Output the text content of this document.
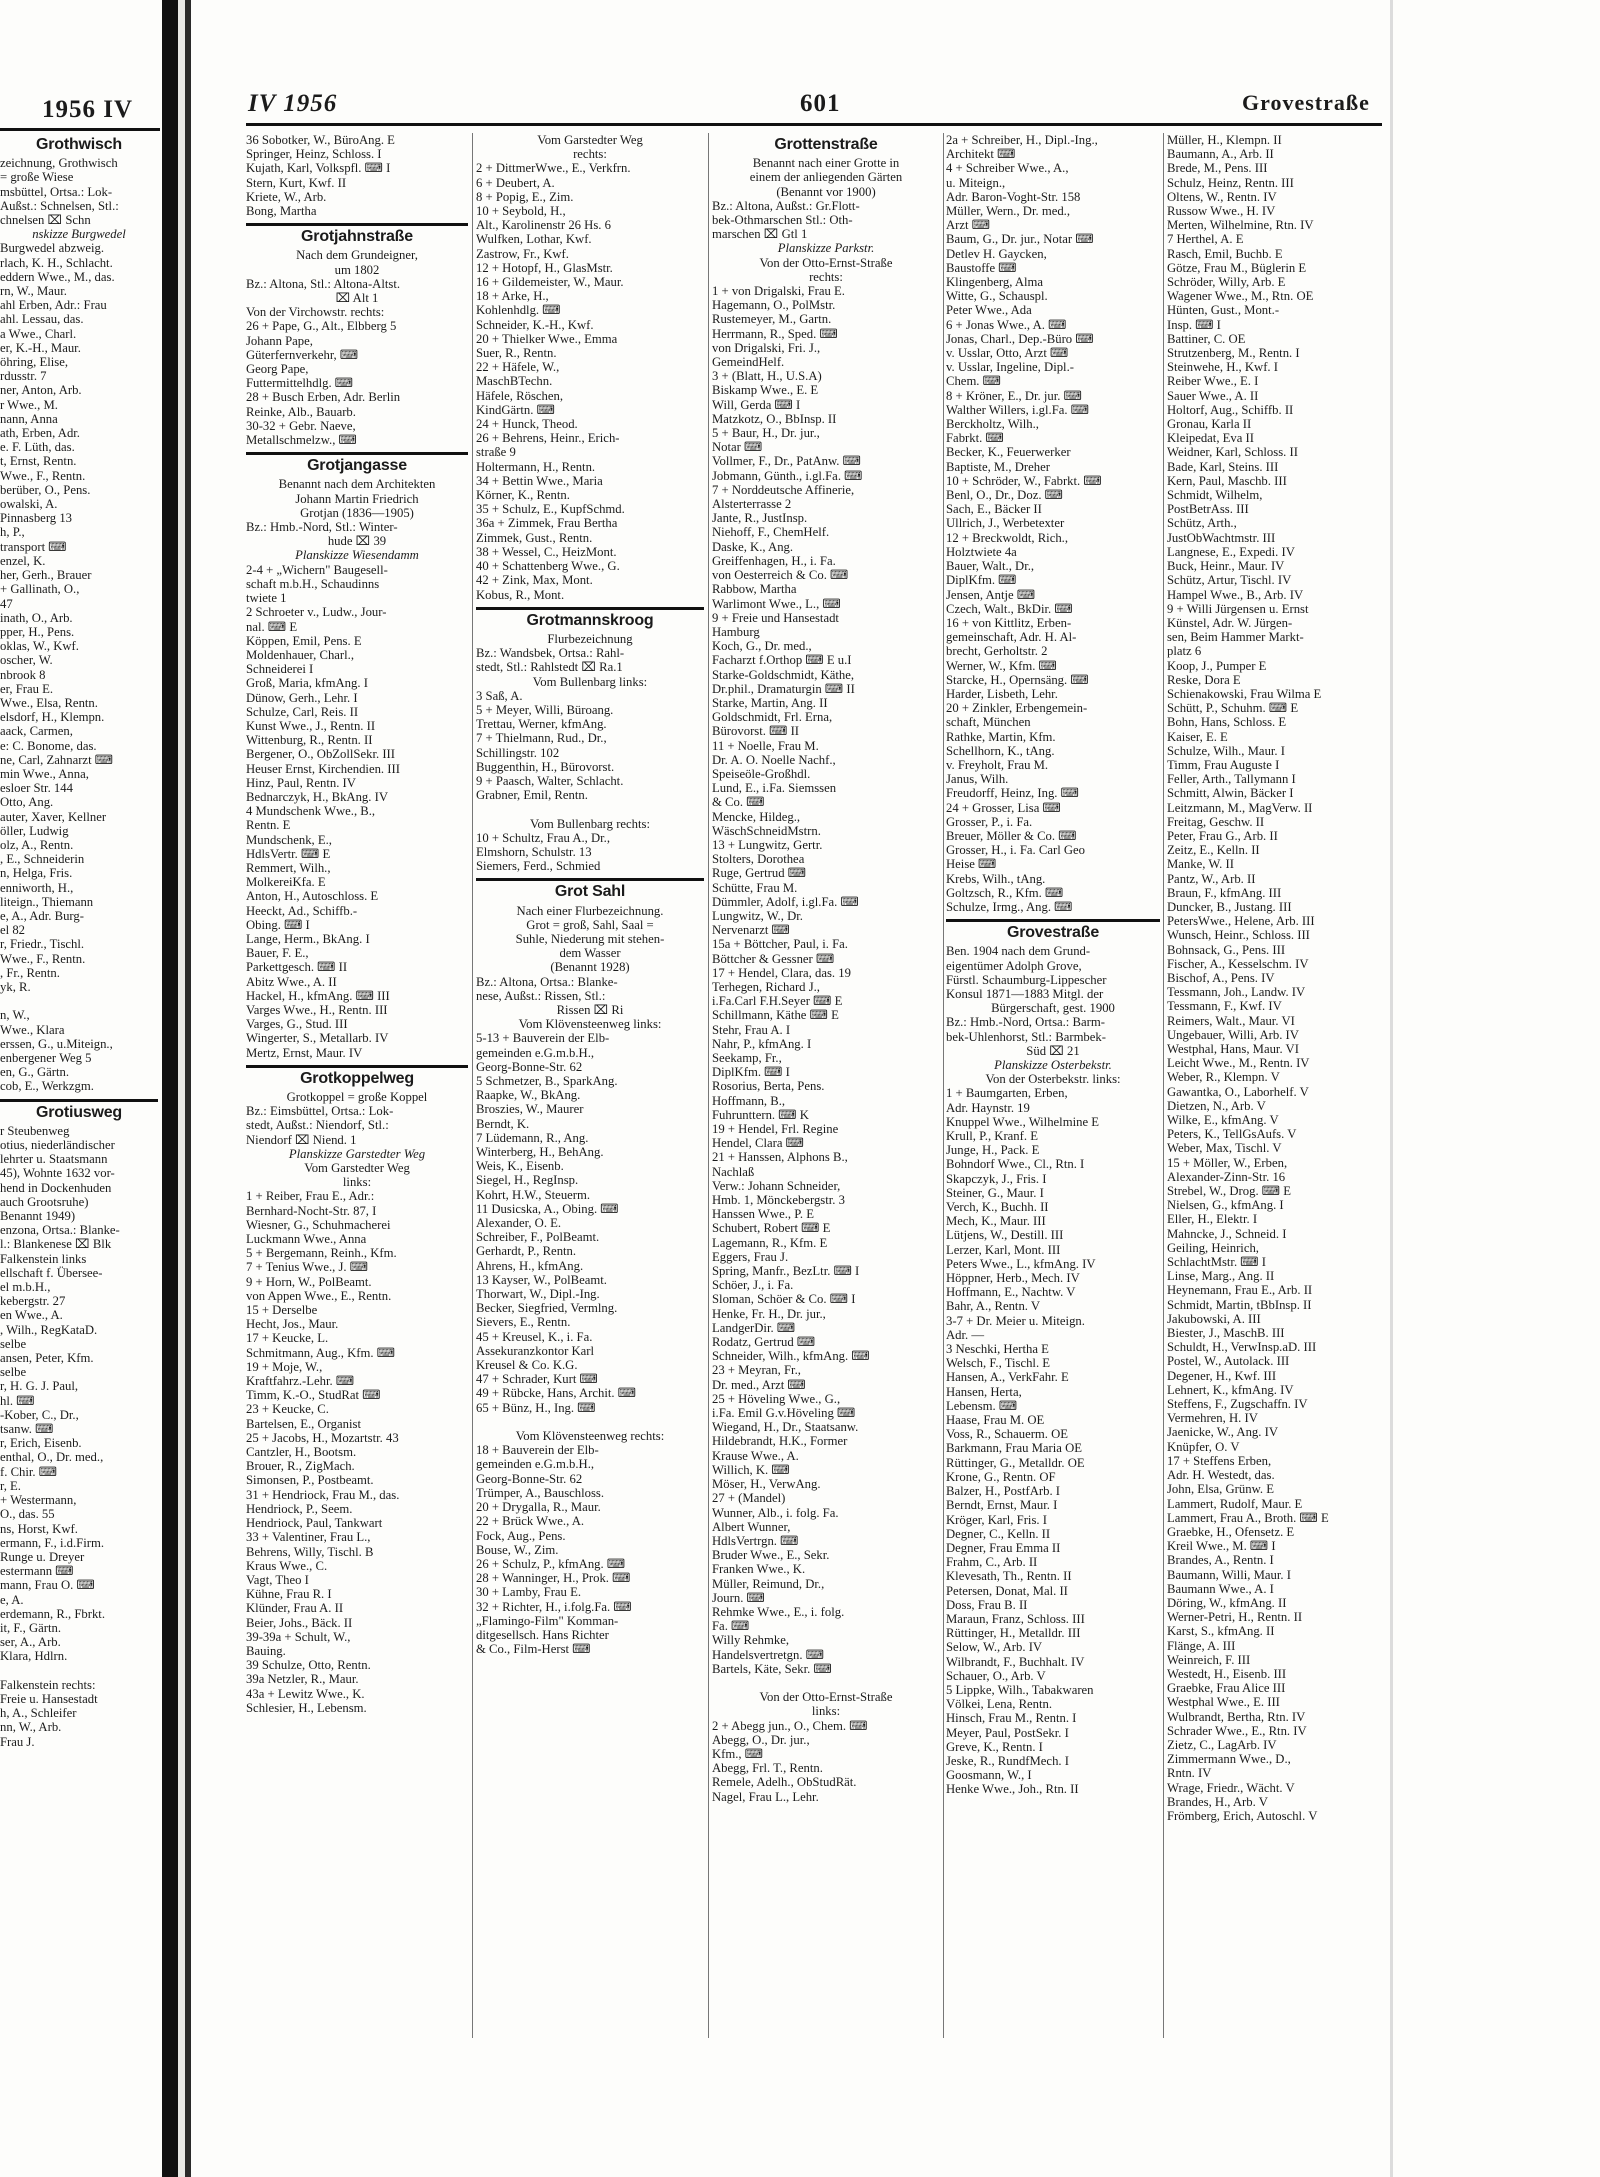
1956 IV	IV 1956	601	Grovestraße
Grothwisch
zeichnung, Grothwisch
= große Wiese
msbüttel, Ortsa.: Lok-
Außst.: Schnelsen, Stl.:
chnelsen ⌧ Schn
nskizze Burgwedel
Burgwedel abzweig.
rlach, K. H., Schlacht.
eddern Wwe., M., das.
rn, W., Maur.
ahl Erben, Adr.: Frau
ahl. Lessau, das.
a Wwe., Charl.
er, K.-H., Maur.
öhring, Elise,
rdusstr. 7
ner, Anton, Arb.
r Wwe., M.
nann, Anna
ath, Erben, Adr.
e. F. Lüth, das.
t, Ernst, Rentn.
Wwe., F., Rentn.
berüber, O., Pens.
owalski, A.
Pinnasberg 13
h, P.,
transport ⌨
enzel, K.
her, Gerh., Brauer
+ Gallinath, O.,
47
inath, O., Arb.
pper, H., Pens.
oklas, W., Kwf.
oscher, W.
nbrook 8
er, Frau E.
Wwe., Elsa, Rentn.
elsdorf, H., Klempn.
aack, Carmen,
e: C. Bonome, das.
ne, Carl, Zahnarzt ⌨
min Wwe., Anna,
esloer Str. 144
Otto, Ang.
auter, Xaver, Kellner
öller, Ludwig
olz, A., Rentn.
, E., Schneiderin
n, Helga, Fris.
enniworth, H.,
liteign., Thiemann
e, A., Adr. Burg-
el 82
r, Friedr., Tischl.
Wwe., F., Rentn.
, Fr., Rentn.
yk, R.

n, W.,
Wwe., Klara
erssen, G., u.Miteign.,
enbergener Weg 5
en, G., Gärtn.
cob, E., Werkzgm.
Grotiusweg
r Steubenweg
otius, niederländischer
lehrter u. Staatsmann
45), Wohnte 1632 vor-
hend in Dockenhuden
auch Grootsruhe)
Benannt 1949)
enzona, Ortsa.: Blanke-
l.: Blankenese ⌧ Blk
Falkenstein links
ellschaft f. Übersee-
el m.b.H.,
kebergstr. 27
en Wwe., A.
, Wilh., RegKataD.
selbe
ansen, Peter, Kfm.
selbe
r, H. G. J. Paul,
hl. ⌨
-Kober, C., Dr.,
tsanw. ⌨
r, Erich, Eisenb.
enthal, O., Dr. med.,
f. Chir. ⌨
r, E.
+ Westermann,
O., das. 55
ns, Horst, Kwf.
ermann, F., i.d.Firm.
Runge u. Dreyer
estermann ⌨
mann, Frau O. ⌨
e, A.
erdemann, R., Fbrkt.
it, F., Gärtn.
ser, A., Arb.
Klara, Hdlrn.

Falkenstein rechts:
Freie u. Hansestadt
h, A., Schleifer
nn, W., Arb.
Frau J.
36 Sobotker, W., BüroAng. E
Springer, Heinz, Schloss. I
Kujath, Karl, Volkspfl. ⌨ I
Stern, Kurt, Kwf. II
Kriete, W., Arb.
Bong, Martha
Grotjahnstraße
Nach dem Grundeigner,
um 1802
Bz.: Altona, Stl.: Altona-Altst.
⌧ Alt 1
Von der Virchowstr. rechts:
26 + Pape, G., Alt., Elbberg 5
Johann Pape,
Güterfernverkehr, ⌨
Georg Pape,
Futtermittelhdlg. ⌨
28 + Busch Erben, Adr. Berlin
Reinke, Alb., Bauarb.
30-32 + Gebr. Naeve,
Metallschmelzw., ⌨
Grotjangasse
Benannt nach dem Architekten
Johann Martin Friedrich
Grotjan (1836—1905)
Bz.: Hmb.-Nord, Stl.: Winter-
hude ⌧ 39
Planskizze Wiesendamm
2-4 + „Wichern" Baugesell-
schaft m.b.H., Schaudinns
twiete 1
2 Schroeter v., Ludw., Jour-
nal. ⌨ E
Köppen, Emil, Pens. E
Moldenhauer, Charl.,
Schneiderei I
Groß, Maria, kfmAng. I
Dünow, Gerh., Lehr. I
Schulze, Carl, Reis. II
Kunst Wwe., J., Rentn. II
Wittenburg, R., Rentn. II
Bergener, O., ObZollSekr. III
Heuser Ernst, Kirchendien. III
Hinz, Paul, Rentn. IV
Bednarczyk, H., BkAng. IV
4 Mundschenk Wwe., B.,
Rentn. E
Mundschenk, E.,
HdlsVertr. ⌨ E
Remmert, Wilh.,
MolkereiKfa. E
Anton, H., Autoschloss. E
Heeckt, Ad., Schiffb.-
Obing. ⌨ I
Lange, Herm., BkAng. I
Bauer, F. E.,
Parkettgesch. ⌨ II
Abitz Wwe., A. II
Hackel, H., kfmAng. ⌨ III
Varges Wwe., H., Rentn. III
Varges, G., Stud. III
Wingerter, S., Metallarb. IV
Mertz, Ernst, Maur. IV
Grotkoppelweg
Grotkoppel = große Koppel
Bz.: Eimsbüttel, Ortsa.: Lok-
stedt, Außst.: Niendorf, Stl.:
Niendorf ⌧ Niend. 1
Planskizze Garstedter Weg
Vom Garstedter Weg
links:
1 + Reiber, Frau E., Adr.:
Bernhard-Nocht-Str. 87, I
Wiesner, G., Schuhmacherei
Luckmann Wwe., Anna
5 + Bergemann, Reinh., Kfm.
7 + Tenius Wwe., J. ⌨
9 + Horn, W., PolBeamt.
von Appen Wwe., E., Rentn.
15 + Derselbe
Hecht, Jos., Maur.
17 + Keucke, L.
Schmitmann, Aug., Kfm. ⌨
19 + Moje, W.,
Kraftfahrz.-Lehr. ⌨
Timm, K.-O., StudRat ⌨
23 + Keucke, C.
Bartelsen, E., Organist
25 + Jacobs, H., Mozartstr. 43
Cantzler, H., Bootsm.
Brouer, R., ZigMach.
Simonsen, P., Postbeamt.
31 + Hendriock, Frau M., das.
Hendriock, P., Seem.
Hendriock, Paul, Tankwart
33 + Valentiner, Frau L.,
Behrens, Willy, Tischl. B
Kraus Wwe., C.
Vagt, Theo I
Kühne, Frau R. I
Klünder, Frau A. II
Beier, Johs., Bäck. II
39-39a + Schult, W.,
Bauing.
39 Schulze, Otto, Rentn.
39a Netzler, R., Maur.
43a + Lewitz Wwe., K.
Schlesier, H., Lebensm.
Vom Garstedter Weg
rechts:
2 + DittmerWwe., E., Verkfrn.
6 + Deubert, A.
8 + Popig, E., Zim.
10 + Seybold, H.,
Alt., Karolinenstr 26 Hs. 6
Wulfken, Lothar, Kwf.
Zastrow, Fr., Kwf.
12 + Hotopf, H., GlasMstr.
16 + Gildemeister, W., Maur.
18 + Arke, H.,
Kohlenhdlg. ⌨
Schneider, K.-H., Kwf.
20 + Thielker Wwe., Emma
Suer, R., Rentn.
22 + Häfele, W.,
MaschBTechn.
Häfele, Röschen,
KindGärtn. ⌨
24 + Hunck, Theod.
26 + Behrens, Heinr., Erich-
straße 9
Holtermann, H., Rentn.
34 + Bettin Wwe., Maria
Körner, K., Rentn.
35 + Schulz, E., KupfSchmd.
36a + Zimmek, Frau Bertha
Zimmek, Gust., Rentn.
38 + Wessel, C., HeizMont.
40 + Schattenberg Wwe., G.
42 + Zink, Max, Mont.
Kobus, R., Mont.
Grotmannskroog
Flurbezeichnung
Bz.: Wandsbek, Ortsa.: Rahl-
stedt, Stl.: Rahlstedt ⌧ Ra.1
Vom Bullenbarg links:
3 Saß, A.
5 + Meyer, Willi, Büroang.
Trettau, Werner, kfmAng.
7 + Thielmann, Rud., Dr.,
Schillingstr. 102
Buggenthin, H., Bürovorst.
9 + Paasch, Walter, Schlacht.
Grabner, Emil, Rentn.

Vom Bullenbarg rechts:
10 + Schultz, Frau A., Dr.,
Elmshorn, Schulstr. 13
Siemers, Ferd., Schmied
Grot Sahl
Nach einer Flurbezeichnung.
Grot = groß, Sahl, Saal =
Suhle, Niederung mit stehen-
dem Wasser
(Benannt 1928)
Bz.: Altona, Ortsa.: Blanke-
nese, Außst.: Rissen, Stl.:
Rissen ⌧ Ri
Vom Klövensteenweg links:
5-13 + Bauverein der Elb-
gemeinden e.G.m.b.H.,
Georg-Bonne-Str. 62
5 Schmetzer, B., SparkAng.
Raapke, W., BkAng.
Broszies, W., Maurer
Berndt, K.
7 Lüdemann, R., Ang.
Winterberg, H., BehAng.
Weis, K., Eisenb.
Siegel, H., RegInsp.
Kohrt, H.W., Steuerm.
11 Dusicska, A., Obing. ⌨
Alexander, O. E.
Schreiber, F., PolBeamt.
Gerhardt, P., Rentn.
Ahrens, H., kfmAng.
13 Kayser, W., PolBeamt.
Thorwart, W., Dipl.-Ing.
Becker, Siegfried, Vermlng.
Sievers, E., Rentn.
45 + Kreusel, K., i. Fa.
Assekuranzkontor Karl
Kreusel & Co. K.G.
47 + Schrader, Kurt ⌨
49 + Rübcke, Hans, Archit. ⌨
65 + Bünz, H., Ing. ⌨

Vom Klövensteenweg rechts:
18 + Bauverein der Elb-
gemeinden e.G.m.b.H.,
Georg-Bonne-Str. 62
Trümper, A., Bauschloss.
20 + Drygalla, R., Maur.
22 + Brück Wwe., A.
Fock, Aug., Pens.
Bouse, W., Zim.
26 + Schulz, P., kfmAng. ⌨
28 + Wanninger, H., Prok. ⌨
30 + Lamby, Frau E.
32 + Richter, H., i.folg.Fa. ⌨
„Flamingo-Film" Komman-
ditgesellsch. Hans Richter
& Co., Film-Herst ⌨
Grottenstraße
Benannt nach einer Grotte in
einem der anliegenden Gärten
(Benannt vor 1900)
Bz.: Altona, Außst.: Gr.Flott-
bek-Othmarschen Stl.: Oth-
marschen ⌧ Gtl 1
Planskizze Parkstr.
Von der Otto-Ernst-Straße
rechts:
1 + von Drigalski, Frau E.
Hagemann, O., PolMstr.
Rustemeyer, M., Gartn.
Herrmann, R., Sped. ⌨
von Drigalski, Fri. J.,
GemeindHelf.
3 + (Blatt, H., U.S.A)
Biskamp Wwe., E. E
Will, Gerda ⌨ I
Matzkotz, O., BbInsp. II
5 + Baur, H., Dr. jur.,
Notar ⌨
Vollmer, F., Dr., PatAnw. ⌨
Jobmann, Günth., i.gl.Fa. ⌨
7 + Norddeutsche Affinerie,
Alsterterrasse 2
Jante, R., JustInsp.
Niehoff, F., ChemHelf.
Daske, K., Ang.
Greiffenhagen, H., i. Fa.
von Oesterreich & Co. ⌨
Rabbow, Martha
Warlimont Wwe., L., ⌨
9 + Freie und Hansestadt
Hamburg
Koch, G., Dr. med.,
Facharzt f.Orthop ⌨ E u.I
Starke-Goldschmidt, Käthe,
Dr.phil., Dramaturgin ⌨ II
Starke, Martin, Ang. II
Goldschmidt, Frl. Erna,
Bürovorst. ⌨ II
11 + Noelle, Frau M.
Dr. A. O. Noelle Nachf.,
Speiseöle-Großhdl.
Lund, E., i.Fa. Siemssen
& Co. ⌨
Mencke, Hildeg.,
WäschSchneidMstrn.
13 + Lungwitz, Gertr.
Stolters, Dorothea
Ruge, Gertrud ⌨
Schütte, Frau M.
Dümmler, Adolf, i.gl.Fa. ⌨
Lungwitz, W., Dr.
Nervenarzt ⌨
15a + Böttcher, Paul, i. Fa.
Böttcher & Gessner ⌨
17 + Hendel, Clara, das. 19
Terhegen, Richard J.,
i.Fa.Carl F.H.Seyer ⌨ E
Schillmann, Käthe ⌨ E
Stehr, Frau A. I
Nahr, P., kfmAng. I
Seekamp, Fr.,
DiplKfm. ⌨ I
Rosorius, Berta, Pens.
Hoffmann, B.,
Fuhrunttern. ⌨ K
19 + Hendel, Frl. Regine
Hendel, Clara ⌨
21 + Hanssen, Alphons B.,
Nachlaß
Verw.: Johann Schneider,
Hmb. 1, Mönckebergstr. 3
Hanssen Wwe., P. E
Schubert, Robert ⌨ E
Lagemann, R., Kfm. E
Eggers, Frau J.
Spring, Manfr., BezLtr. ⌨ I
Schöer, J., i. Fa.
Sloman, Schöer & Co. ⌨ I
Henke, Fr. H., Dr. jur.,
LandgerDir. ⌨
Rodatz, Gertrud ⌨
Schneider, Wilh., kfmAng. ⌨
23 + Meyran, Fr.,
Dr. med., Arzt ⌨
25 + Höveling Wwe., G.,
i.Fa. Emil G.v.Höveling ⌨
Wiegand, H., Dr., Staatsanw.
Hildebrandt, H.K., Former
Krause Wwe., A.
Willich, K. ⌨
Möser, H., VerwAng.
27 + (Mandel)
Wunner, Alb., i. folg. Fa.
Albert Wunner,
HdlsVertrgn. ⌨
Bruder Wwe., E., Sekr.
Franken Wwe., K.
Müller, Reimund, Dr.,
Journ. ⌨
Rehmke Wwe., E., i. folg.
Fa. ⌨
Willy Rehmke,
Handelsvertretgn. ⌨
Bartels, Käte, Sekr. ⌨

Von der Otto-Ernst-Straße
links:
2 + Abegg jun., O., Chem. ⌨
Abegg, O., Dr. jur.,
Kfm., ⌨
Abegg, Frl. T., Rentn.
Remele, Adelh., ObStudRät.
Nagel, Frau L., Lehr.
2a + Schreiber, H., Dipl.-Ing.,
Architekt ⌨
4 + Schreiber Wwe., A.,
u. Miteign.,
Adr. Baron-Voght-Str. 158
Müller, Wern., Dr. med.,
Arzt ⌨
Baum, G., Dr. jur., Notar ⌨
Detlev H. Gaycken,
Baustoffe ⌨
Klingenberg, Alma
Witte, G., Schauspl.
Peter Wwe., Ada
6 + Jonas Wwe., A. ⌨
Jonas, Charl., Dep.-Büro ⌨
v. Usslar, Otto, Arzt ⌨
v. Usslar, Ingeline, Dipl.-
Chem. ⌨
8 + Kröner, E., Dr. jur. ⌨
Walther Willers, i.gl.Fa. ⌨
Berckholtz, Wilh.,
Fabrkt. ⌨
Becker, K., Feuerwerker
Baptiste, M., Dreher
10 + Schröder, W., Fabrkt. ⌨
Benl, O., Dr., Doz. ⌨
Sach, E., Bäcker II
Ullrich, J., Werbetexter
12 + Breckwoldt, Rich.,
Holztwiete 4a
Bauer, Walt., Dr.,
DiplKfm. ⌨
Jensen, Antje ⌨
Czech, Walt., BkDir. ⌨
16 + von Kittlitz, Erben-
gemeinschaft, Adr. H. Al-
brecht, Gerholtstr. 2
Werner, W., Kfm. ⌨
Starcke, H., Opernsäng. ⌨
Harder, Lisbeth, Lehr.
20 + Zinkler, Erbengemein-
schaft, München
Rathke, Martin, Kfm.
Schellhorn, K., tAng.
v. Freyholt, Frau M.
Janus, Wilh.
Freudorff, Heinz, Ing. ⌨
24 + Grosser, Lisa ⌨
Grosser, P., i. Fa.
Breuer, Möller & Co. ⌨
Grosser, H., i. Fa. Carl Geo
Heise ⌨
Krebs, Wilh., tAng.
Goltzsch, R., Kfm. ⌨
Schulze, Irmg., Ang. ⌨
Grovestraße
Ben. 1904 nach dem Grund-
eigentümer Adolph Grove,
Fürstl. Schaumburg-Lippescher
Konsul 1871—1883 Mitgl. der
Bürgerschaft, gest. 1900
Bz.: Hmb.-Nord, Ortsa.: Barm-
bek-Uhlenhorst, Stl.: Barmbek-
Süd ⌧ 21
Planskizze Osterbekstr.
Von der Osterbekstr. links:
1 + Baumgarten, Erben,
Adr. Haynstr. 19
Knuppel Wwe., Wilhelmine E
Krull, P., Kranf. E
Junge, H., Pack. E
Bohndorf Wwe., Cl., Rtn. I
Skapczyk, J., Fris. I
Steiner, G., Maur. I
Verch, K., Buchh. II
Mech, K., Maur. III
Lütjens, W., Destill. III
Lerzer, Karl, Mont. III
Peters Wwe., L., kfmAng. IV
Höppner, Herb., Mech. IV
Hoffmann, E., Nachtw. V
Bahr, A., Rentn. V
3-7 + Dr. Meier u. Miteign.
Adr. —
3 Neschki, Hertha E
Welsch, F., Tischl. E
Hansen, A., VerkFahr. E
Hansen, Herta,
Lebensm. ⌨
Haase, Frau M. OE
Voss, R., Schauerm. OE
Barkmann, Frau Maria OE
Rüttinger, G., Metalldr. OE
Krone, G., Rentn. OF
Balzer, H., PostfArb. I
Berndt, Ernst, Maur. I
Kröger, Karl, Fris. I
Degner, C., Kelln. II
Degner, Frau Emma II
Frahm, C., Arb. II
Klevesath, Th., Rentn. II
Petersen, Donat, Mal. II
Doss, Frau B. II
Maraun, Franz, Schloss. III
Rüttinger, H., Metalldr. III
Selow, W., Arb. IV
Wilbrandt, F., Buchhalt. IV
Schauer, O., Arb. V
5 Lippke, Wilh., Tabakwaren
Völkei, Lena, Rentn.
Hinsch, Frau M., Rentn. I
Meyer, Paul, PostSekr. I
Greve, K., Rentn. I
Jeske, R., RundfMech. I
Goosmann, W., I
Henke Wwe., Joh., Rtn. II
Müller, H., Klempn. II
Baumann, A., Arb. II
Brede, M., Pens. III
Schulz, Heinz, Rentn. III
Oltens, W., Rentn. IV
Russow Wwe., H. IV
Merten, Wilhelmine, Rtn. IV
7 Herthel, A. E
Rasch, Emil, Buchb. E
Götze, Frau M., Büglerin E
Schröder, Willy, Arb. E
Wagener Wwe., M., Rtn. OE
Hünten, Gust., Mont.-
Insp. ⌨ I
Battiner, C. OE
Strutzenberg, M., Rentn. I
Steinwehe, H., Kwf. I
Reiber Wwe., E. I
Sauer Wwe., A. II
Holtorf, Aug., Schiffb. II
Gronau, Karla II
Kleipedat, Eva II
Weidner, Karl, Schloss. II
Bade, Karl, Steins. III
Kern, Paul, Maschb. III
Schmidt, Wilhelm,
PostBetrAss. III
Schütz, Arth.,
JustObWachtmstr. III
Langnese, E., Expedi. IV
Buck, Heinr., Maur. IV
Schütz, Artur, Tischl. IV
Hampel Wwe., B., Arb. IV
9 + Willi Jürgensen u. Ernst
Künstel, Adr. W. Jürgen-
sen, Beim Hammer Markt-
platz 6
Koop, J., Pumper E
Reske, Dora E
Schienakowski, Frau Wilma E
Schütt, P., Schuhm. ⌨ E
Bohn, Hans, Schloss. E
Kaiser, E. E
Schulze, Wilh., Maur. I
Timm, Frau Auguste I
Feller, Arth., Tallymann I
Schmitt, Alwin, Bäcker I
Leitzmann, M., MagVerw. II
Freitag, Geschw. II
Peter, Frau G., Arb. II
Zeitz, E., Kelln. II
Manke, W. II
Pantz, W., Arb. II
Braun, F., kfmAng. III
Duncker, B., Justang. III
PetersWwe., Helene, Arb. III
Wunsch, Heinr., Schloss. III
Bohnsack, G., Pens. III
Fischer, A., Kesselschm. IV
Bischof, A., Pens. IV
Tessmann, Joh., Landw. IV
Tessmann, F., Kwf. IV
Reimers, Walt., Maur. VI
Ungebauer, Willi, Arb. IV
Westphal, Hans, Maur. VI
Leicht Wwe., M., Rentn. IV
Weber, R., Klempn. V
Gawantka, O., Laborhelf. V
Dietzen, N., Arb. V
Wilke, E., kfmAng. V
Peters, K., TellGsAufs. V
Weber, Max, Tischl. V
15 + Möller, W., Erben,
Alexander-Zinn-Str. 16
Strebel, W., Drog. ⌨ E
Nielsen, G., kfmAng. I
Eller, H., Elektr. I
Mahncke, J., Schneid. I
Geiling, Heinrich,
SchlachtMstr. ⌨ I
Linse, Marg., Ang. II
Heynemann, Frau E., Arb. II
Schmidt, Martin, tBbInsp. II
Jakubowski, A. III
Biester, J., MaschB. III
Schuldt, H., VerwInsp.aD. III
Postel, W., Autolack. III
Degener, H., Kwf. III
Lehnert, K., kfmAng. IV
Steffens, F., Zugschaffn. IV
Vermehren, H. IV
Jaenicke, W., Ang. IV
Knüpfer, O. V
17 + Steffens Erben,
Adr. H. Westedt, das.
John, Elsa, Grünw. E
Lammert, Rudolf, Maur. E
Lammert, Frau A., Broth. ⌨ E
Graebke, H., Ofensetz. E
Kreil Wwe., M. ⌨ I
Brandes, A., Rentn. I
Baumann, Willi, Maur. I
Baumann Wwe., A. I
Döring, W., kfmAng. II
Werner-Petri, H., Rentn. II
Karst, S., kfmAng. II
Flänge, A. III
Weinreich, F. III
Westedt, H., Eisenb. III
Graebke, Frau Alice III
Westphal Wwe., E. III
Wulbrandt, Bertha, Rtn. IV
Schrader Wwe., E., Rtn. IV
Zietz, C., LagArb. IV
Zimmermann Wwe., D.,
Rntn. IV
Wrage, Friedr., Wächt. V
Brandes, H., Arb. V
Frömberg, Erich, Autoschl. V
